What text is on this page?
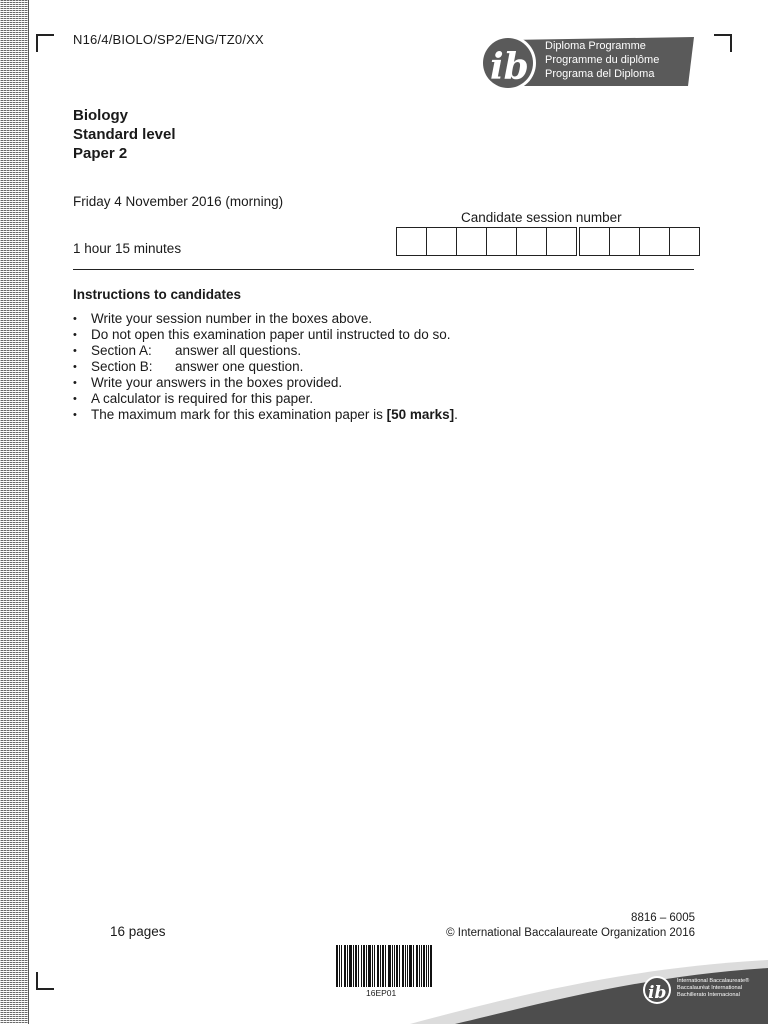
N16/4/BIOLO/SP2/ENG/TZ0/XX
ib Diploma Programme
Programme du diplôme
Programa del Diploma
Biology
Standard level
Paper 2
Friday 4 November 2016 (morning)
1 hour 15 minutes
Candidate session number
Instructions to candidates
• Write your session number in the boxes above.
• Do not open this examination paper until instructed to do so.
• Section A: answer all questions.
• Section B: answer one question.
• Write your answers in the boxes provided.
• A calculator is required for this paper.
• The maximum mark for this examination paper is [50 marks].
16 pages
8816 – 6005
© International Baccalaureate Organization 2016
ib
International Baccalaureate®
Baccalauréat International
Bachillerato Internacional
16EP01
